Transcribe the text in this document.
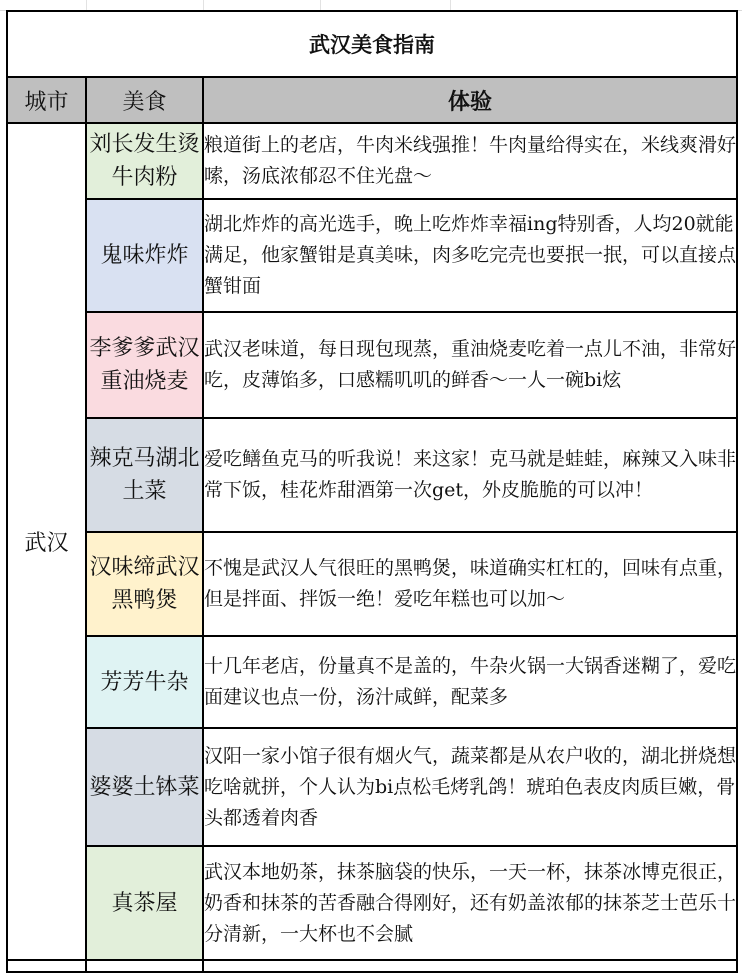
武汉美食指南		
城市	美食	体验
武汉	刘长发生烫牛肉粉	粮道街上的老店，牛肉米线强推！牛肉量给得实在，米线爽滑好嗦，汤底浓郁忍不住光盘～
	鬼味炸炸	湖北炸炸的高光选手，晚上吃炸炸幸福ing特别香，人均20就能满足，他家蟹钳是真美味，肉多吃完壳也要抿一抿，可以直接点蟹钳面
	李爹爹武汉重油烧麦	武汉老味道，每日现包现蒸，重油烧麦吃着一点儿不油，非常好吃，皮薄馅多，口感糯叽叽的鲜香～一人一碗bi炫
	辣克马湖北土菜	爱吃鳝鱼克马的听我说！来这家！克马就是蛙蛙，麻辣又入味非常下饭，桂花炸甜酒第一次get，外皮脆脆的可以冲！
	汉味缔武汉黑鸭煲	不愧是武汉人气很旺的黑鸭煲，味道确实杠杠的，回味有点重，但是拌面、拌饭一绝！爱吃年糕也可以加～
	芳芳牛杂	十几年老店，份量真不是盖的，牛杂火锅一大锅香迷糊了，爱吃面建议也点一份，汤汁咸鲜，配菜多
	婆婆土钵菜	汉阳一家小馆子很有烟火气，蔬菜都是从农户收的，湖北拼烧想吃啥就拼，个人认为bi点松毛烤乳鸽！琥珀色表皮肉质巨嫩，骨头都透着肉香
	真茶屋	武汉本地奶茶，抹茶脑袋的快乐，一天一杯，抹茶冰博克很正，奶香和抹茶的苦香融合得刚好，还有奶盖浓郁的抹茶芝士芭乐十分清新，一大杯也不会腻
